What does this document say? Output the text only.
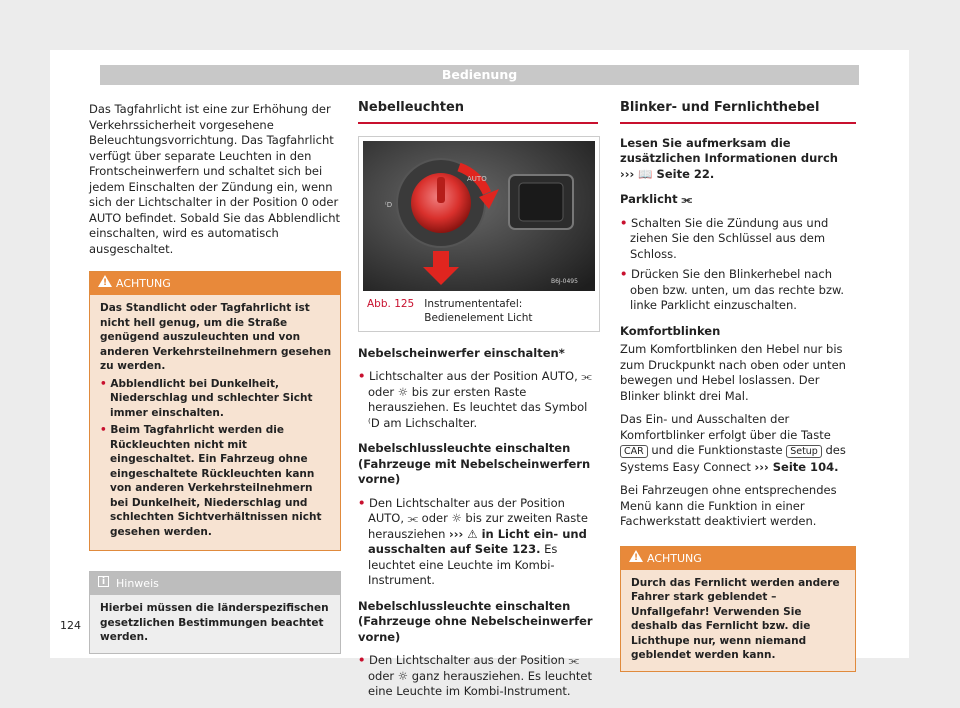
Bedienung

Das Tagfahrlicht ist eine zur Erhöhung der Verkehrssicherheit vorgesehene Beleuchtungsvorrichtung. Das Tagfahrlicht verfügt über separate Leuchten in den Frontscheinwerfern und schaltet sich bei jedem Einschalten der Zündung ein, wenn sich der Lichtschalter in der Position 0 oder AUTO befindet. Sobald Sie das Abblendlicht einschalten, wird es automatisch ausgeschaltet.

!
ACHTUNG

Das Standlicht oder Tagfahrlicht ist nicht hell genug, um die Straße genügend auszuleuchten und von anderen Verkehrsteilnehmern gesehen zu werden.

• Abblendlicht bei Dunkelheit, Niederschlag und schlechter Sicht immer einschalten.

• Beim Tagfahrlicht werden die Rückleuchten nicht mit eingeschaltet. Ein Fahrzeug ohne eingeschaltete Rückleuchten kann von anderen Verkehrsteilnehmern bei Dunkelheit, Niederschlag und schlechten Sichtverhältnissen nicht gesehen werden.

i Hinweis
Hierbei müssen die länderspezifischen gesetzlichen Bestimmungen beachtet werden.
Nebelleuchten
⁽D
AUTO
B6J-0495
Abb. 125 Instrumententafel: Bedienelement Licht

Nebelscheinwerfer einschalten*

• Lichtschalter aus der Position AUTO, ⫘ oder ☼ bis zur ersten Raste herausziehen. Es leuchtet das Symbol ⁽D am Lichschalter.

Nebelschlussleuchte einschalten (Fahrzeuge mit Nebelscheinwerfern vorne)

• Den Lichtschalter aus der Position AUTO, ⫘ oder ☼ bis zur zweiten Raste herausziehen ››› ⚠ in Licht ein- und ausschalten auf Seite 123. Es leuchtet eine Leuchte im Kombi-Instrument.

Nebelschlussleuchte einschalten (Fahrzeuge ohne Nebelscheinwerfer vorne)

• Den Lichtschalter aus der Position ⫘ oder ☼ ganz herausziehen. Es leuchtet eine Leuchte im Kombi-Instrument.

Blinker- und Fernlichthebel

Lesen Sie aufmerksam die zusätzlichen Informationen durch ››› 📖 Seite 22.

Parklicht ⫘

• Schalten Sie die Zündung aus und ziehen Sie den Schlüssel aus dem Schloss.

• Drücken Sie den Blinkerhebel nach oben bzw. unten, um das rechte bzw. linke Parklicht einzuschalten.

Komfortblinken

Zum Komfortblinken den Hebel nur bis zum Druckpunkt nach oben oder unten bewegen und Hebel loslassen. Der Blinker blinkt drei Mal.

Das Ein- und Ausschalten der Komfortblinker erfolgt über die Taste CAR und die Funktionstaste Setup des Systems Easy Connect ››› Seite 104.

Bei Fahrzeugen ohne entsprechendes Menü kann die Funktion in einer Fachwerkstatt deaktiviert werden.

!
ACHTUNG
Durch das Fernlicht werden andere Fahrer stark geblendet – Unfallgefahr! Verwenden Sie deshalb das Fernlicht bzw. die Lichthupe nur, wenn niemand geblendet werden kann.
124
